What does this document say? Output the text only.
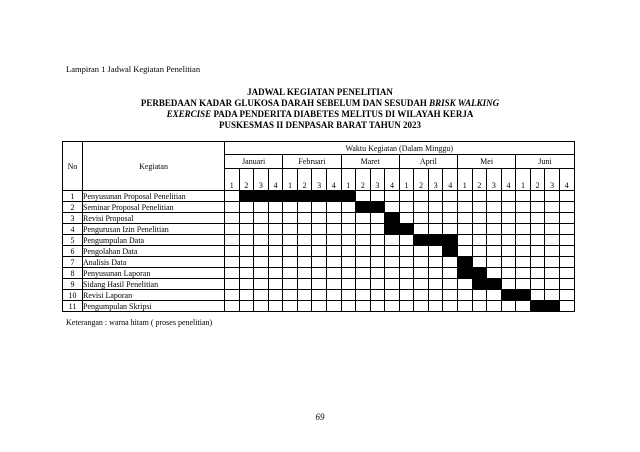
Lampiran 1 Jadwal Kegiatan Penelitian
JADWAL KEGIATAN PENELITIAN
PERBEDAAN KADAR GLUKOSA DARAH SEBELUM DAN SESUDAH BRISK WALKING
EXERCISE PADA PENDERITA DIABETES MELITUS DI WILAYAH KERJA
PUSKESMAS II DENPASAR BARAT TAHUN 2023
No	Kegiatan	Waktu Kegiatan (Dalam Minggu)																							
		Januari				Februari				Maret				April				Mei				Juni			
		1	2	3	4	1	2	3	4	1	2	3	4	1	2	3	4	1	2	3	4	1	2	3	4
1	Penyusunan Proposal Penelitian																								
2	Seminar Proposal Penelitian																								
3	Revisi Proposal																								
4	Pengurusan Izin Penelitian																								
5	Pengumpulan Data																								
6	Pengolahan Data																								
7	Analisis Data																								
8	Penyusunan Laporan																								
9	Sidang Hasil Penelitian																								
10	Revisi Laporan																								
11	Pengumpulan Skripsi																								
Keterangan : warna hitam ( proses penelitian)
69
